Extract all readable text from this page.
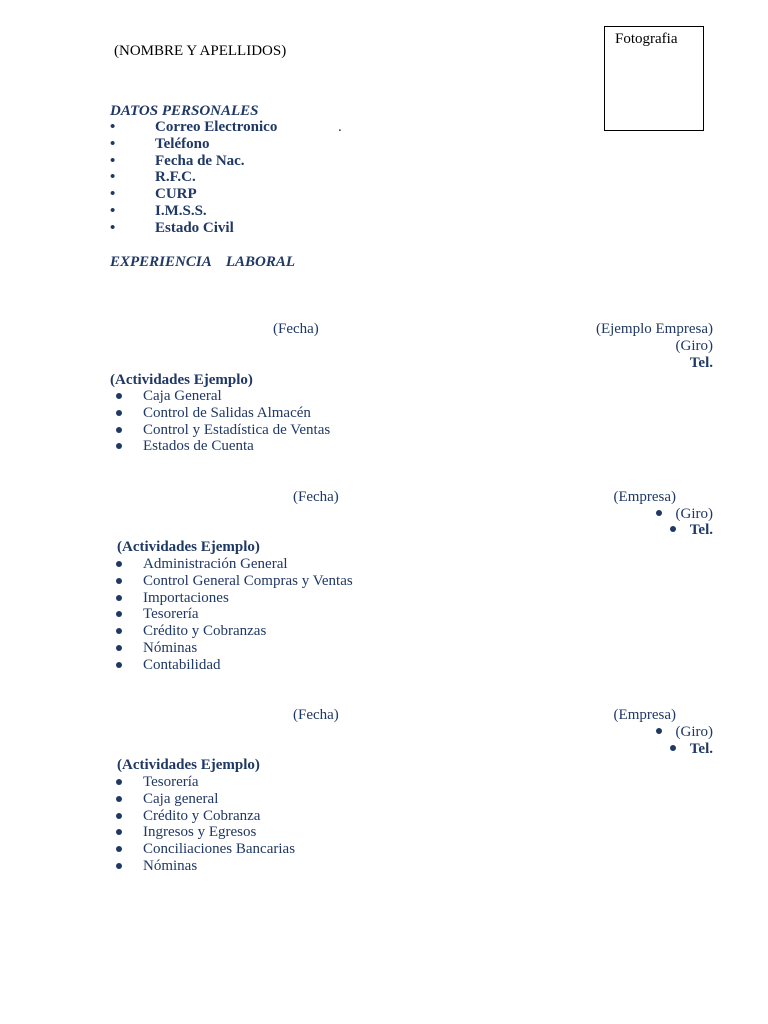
(NOMBRE Y APELLIDOS)
Fotografia
DATOS PERSONALES
.
•	Correo Electronico
•	Teléfono
•	Fecha de Nac.
•	R.F.C.
•	CURP
•	I.M.S.S.
•	Estado Civil
EXPERIENCIA    LABORAL
(Fecha)	(Ejemplo Empresa)
(Giro)
Tel.
(Actividades Ejemplo)
Caja General
Control de Salidas Almacén
Control y Estadística de Ventas
Estados de Cuenta
(Fecha)	(Empresa)
(Giro)
Tel.
(Actividades Ejemplo)
Administración General
Control General Compras y Ventas
Importaciones
Tesorería
Crédito y Cobranzas
Nóminas
Contabilidad
(Fecha)	(Empresa)
(Giro)
Tel.
(Actividades Ejemplo)
Tesorería
Caja general
Crédito y Cobranza
Ingresos y Egresos
Conciliaciones Bancarias
Nóminas
